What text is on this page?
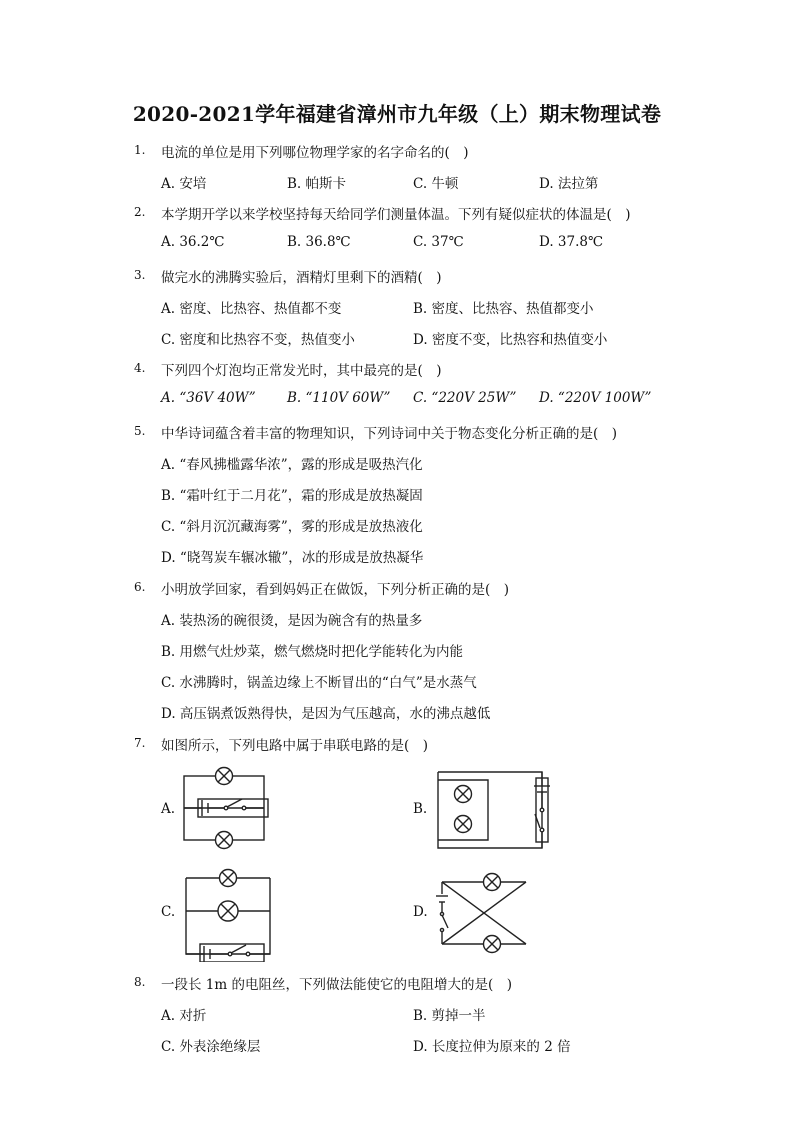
2020-2021学年福建省漳州市九年级（上）期末物理试卷
1. 电流的单位是用下列哪位物理学家的名字命名的(　)
A. 安培	B. 帕斯卡	C. 牛顿	D. 法拉第
2. 本学期开学以来学校坚持每天给同学们测量体温。下列有疑似症状的体温是(　)
A. 36.2℃	B. 36.8℃	C. 37℃	D. 37.8℃
3. 做完水的沸腾实验后，酒精灯里剩下的酒精(　)
A. 密度、比热容、热值都不变	B. 密度、比热容、热值都变小
C. 密度和比热容不变，热值变小	D. 密度不变，比热容和热值变小
4. 下列四个灯泡均正常发光时，其中最亮的是(　)
A. “36V 40W” B. “110V 60W” C. “220V 25W” D. “220V 100W”
5. 中华诗词蕴含着丰富的物理知识，下列诗词中关于物态变化分析正确的是(　)
A. “春风拂槛露华浓”，露的形成是吸热汽化
B. “霜叶红于二月花”，霜的形成是放热凝固
C. “斜月沉沉藏海雾”，雾的形成是放热液化
D. “晓驾炭车辗冰辙”，冰的形成是放热凝华
6. 小明放学回家，看到妈妈正在做饭，下列分析正确的是(　)
A. 装热汤的碗很烫，是因为碗含有的热量多
B. 用燃气灶炒菜，燃气燃烧时把化学能转化为内能
C. 水沸腾时，锅盖边缘上不断冒出的“白气”是水蒸气
D. 高压锅煮饭熟得快，是因为气压越高，水的沸点越低
7. 如图所示，下列电路中属于串联电路的是(　)
A.	B.
C.	D.
8. 一段长 1m 的电阻丝，下列做法能使它的电阻增大的是(　)
A. 对折	B. 剪掉一半
C. 外表涂绝缘层	D. 长度拉伸为原来的 2 倍
